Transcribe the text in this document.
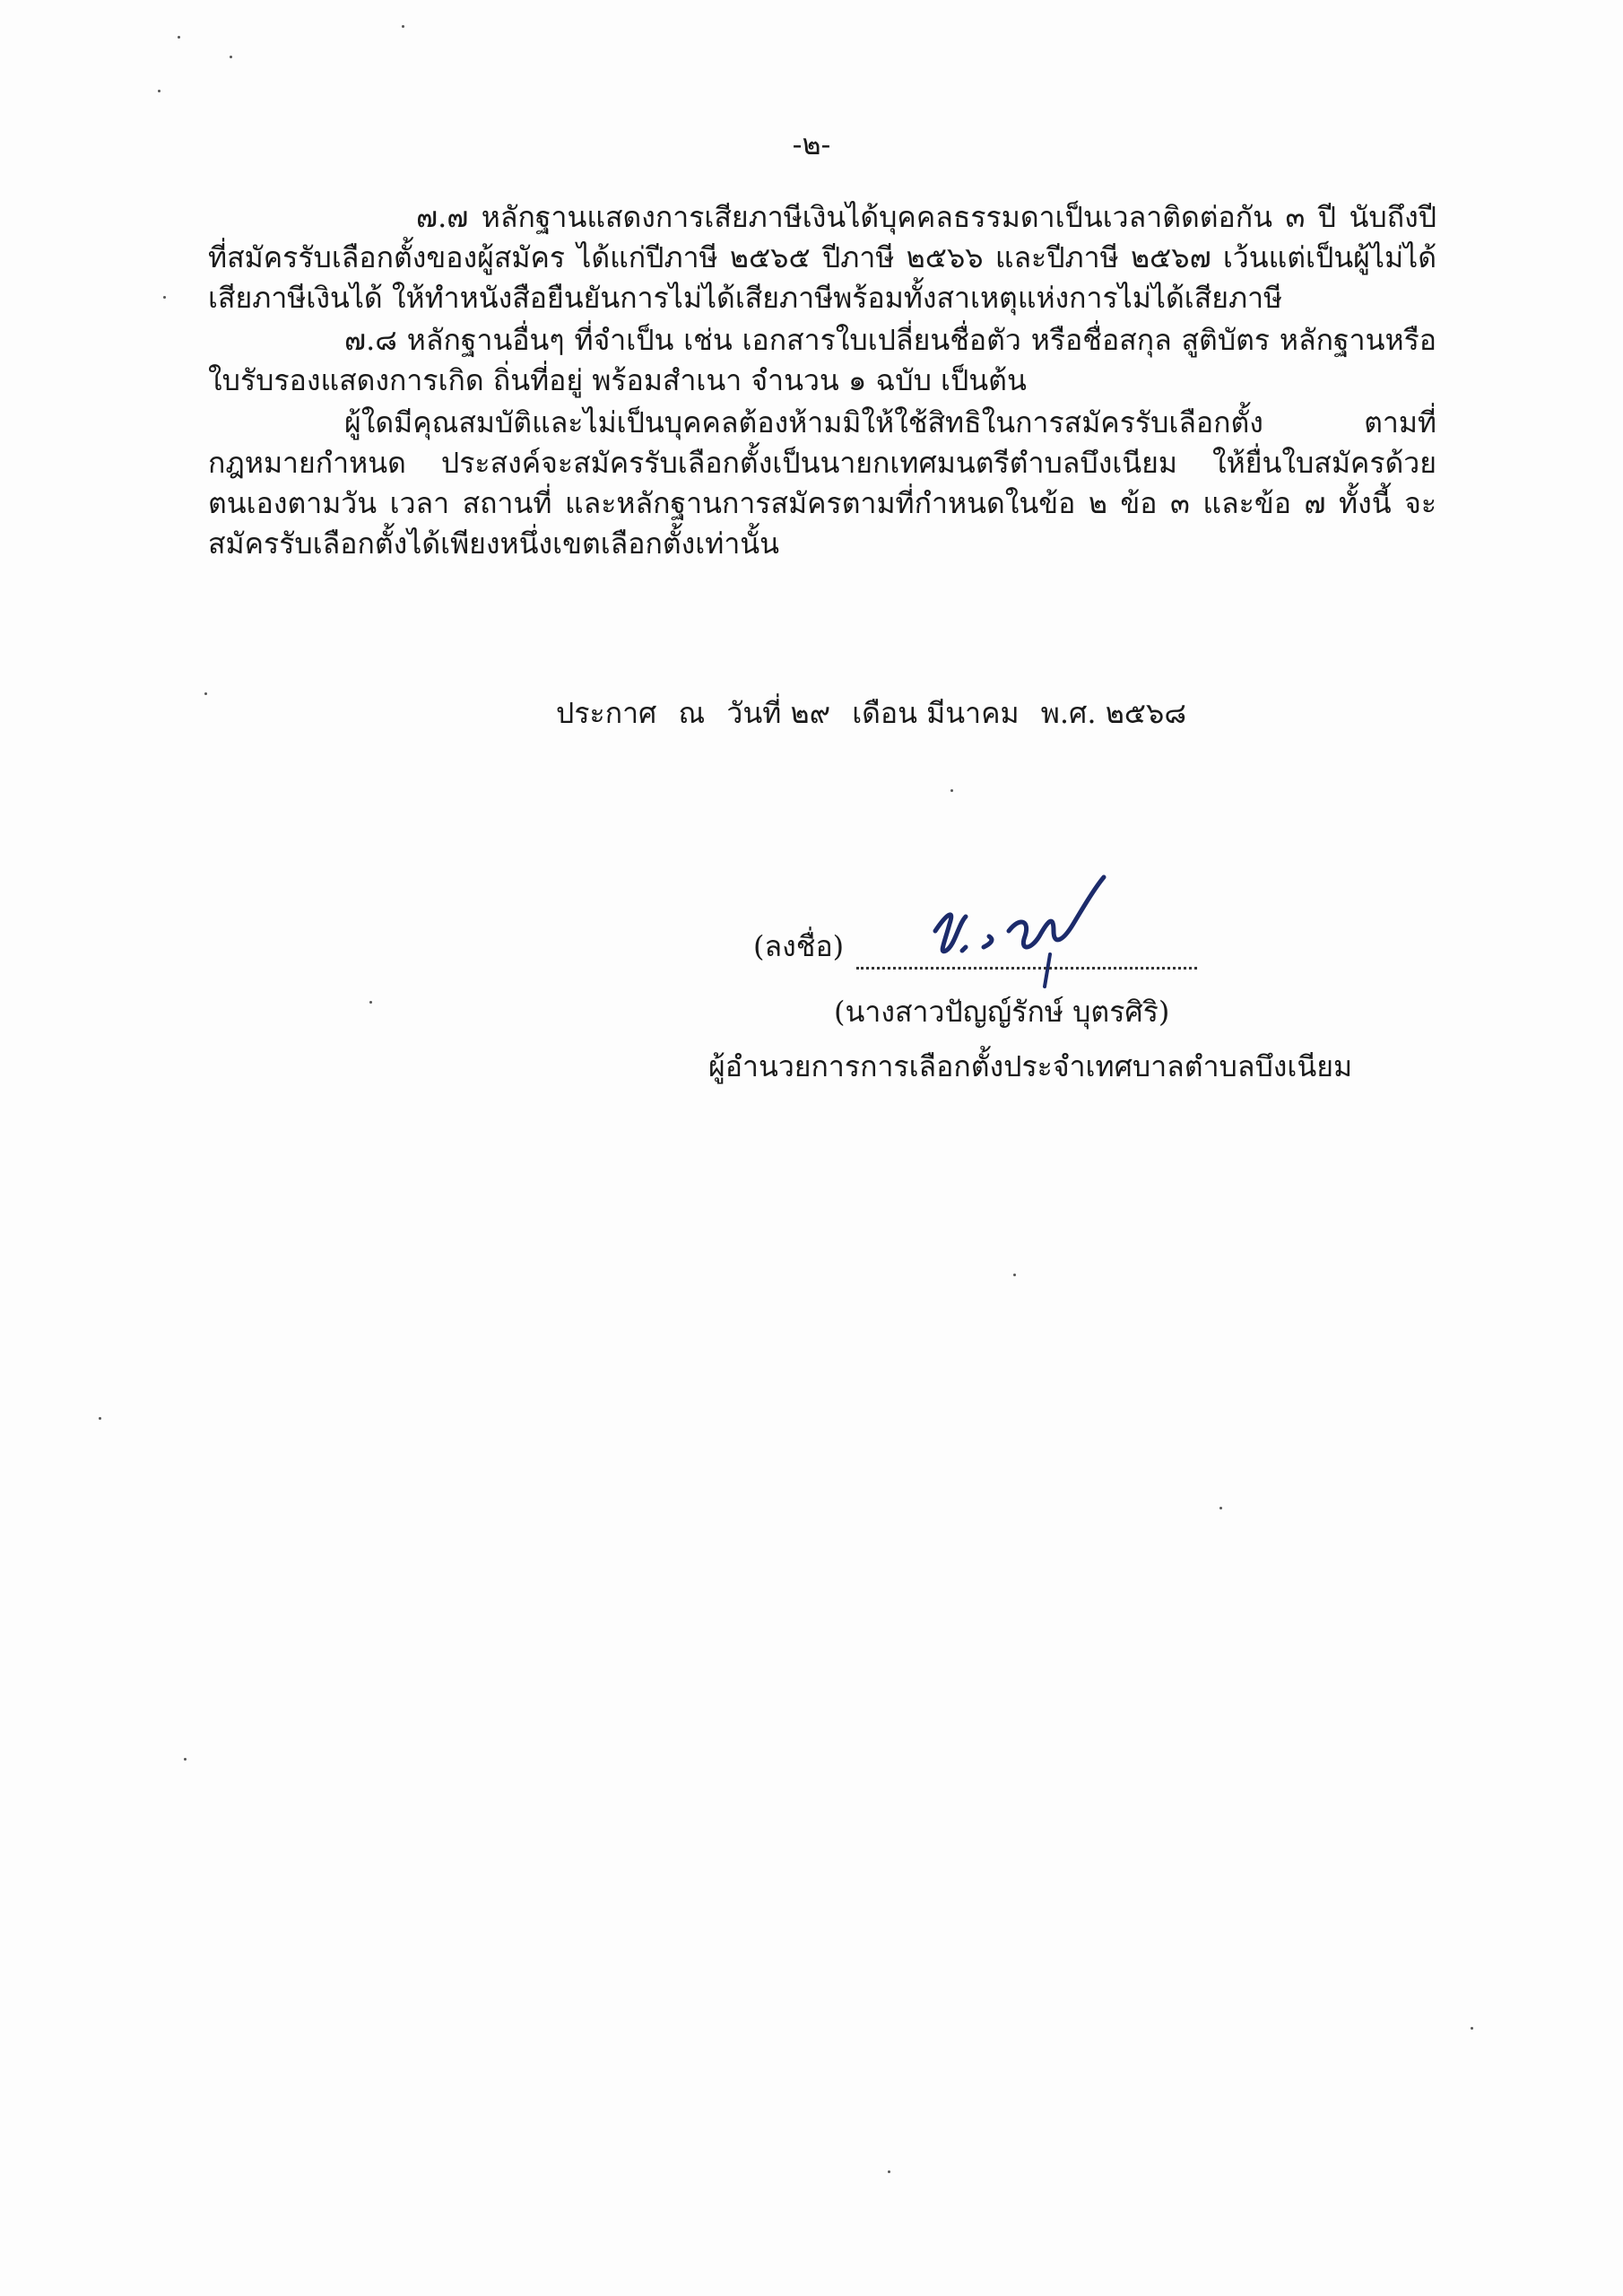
-๒-

๗.๗ หลักฐานแสดงการเสียภาษีเงินได้บุคคลธรรมดาเป็นเวลาติดต่อกัน ๓ ปี นับถึงปีที่สมัครรับเลือกตั้งของผู้สมัคร ได้แก่ปีภาษี ๒๕๖๕ ปีภาษี ๒๕๖๖ และปีภาษี ๒๕๖๗ เว้นแต่เป็นผู้ไม่ได้เสียภาษีเงินได้ ให้ทำหนังสือยืนยันการไม่ได้เสียภาษีพร้อมทั้งสาเหตุแห่งการไม่ได้เสียภาษี

๗.๘ หลักฐานอื่นๆ ที่จำเป็น เช่น เอกสารใบเปลี่ยนชื่อตัว หรือชื่อสกุล สูติบัตร หลักฐานหรือใบรับรองแสดงการเกิด ถิ่นที่อยู่ พร้อมสำเนา จำนวน ๑ ฉบับ เป็นต้น

ผู้ใดมีคุณสมบัติและไม่เป็นบุคคลต้องห้ามมิให้ใช้สิทธิในการสมัครรับเลือกตั้ง ตามที่กฎหมายกำหนด ประสงค์จะสมัครรับเลือกตั้งเป็นนายกเทศมนตรีตำบลบึงเนียม ให้ยื่นใบสมัครด้วยตนเองตามวัน เวลา สถานที่ และหลักฐานการสมัครตามที่กำหนดในข้อ ๒ ข้อ ๓ และข้อ ๗ ทั้งนี้ จะสมัครรับเลือกตั้งได้เพียงหนึ่งเขตเลือกตั้งเท่านั้น

ประกาศ ณ วันที่ ๒๙ เดือน มีนาคม พ.ศ. ๒๕๖๘
(ลงชื่อ)
(นางสาวปัญญ์รักษ์ บุตรศิริ)
ผู้อำนวยการการเลือกตั้งประจำเทศบาลตำบลบึงเนียม
